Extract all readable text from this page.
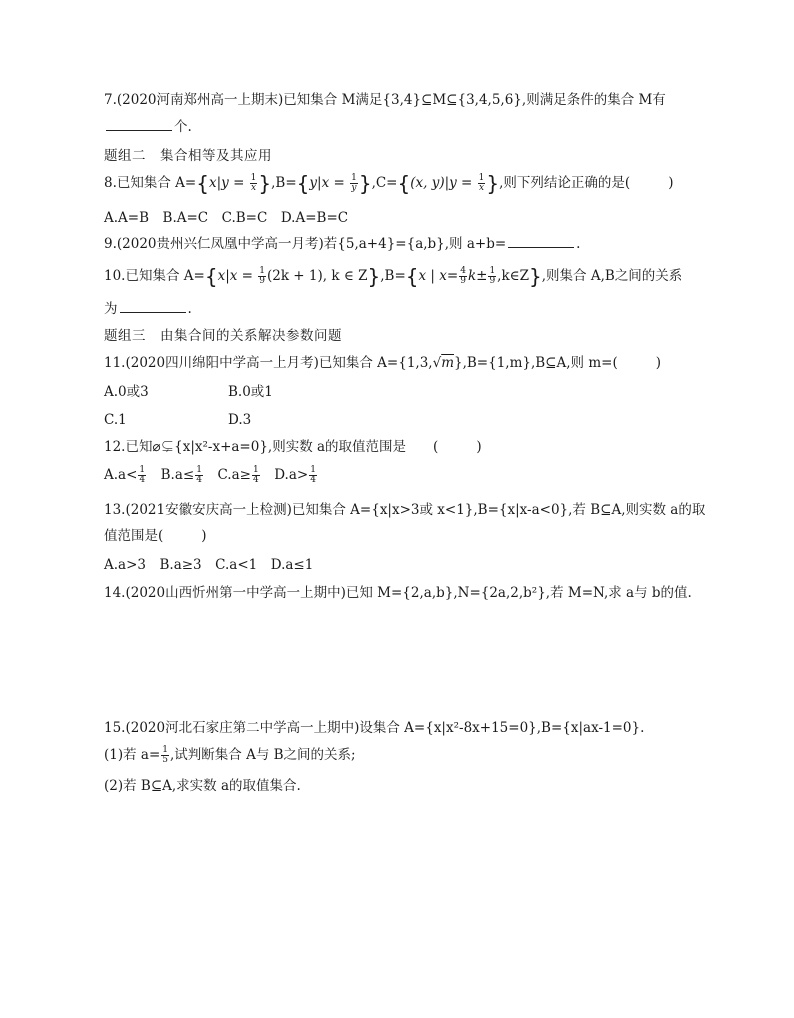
7.(2020河南郑州高一上期末)已知集合 M满足{3,4}⊆M⊆{3,4,5,6},则满足条件的集合 M有
个.
题组二　集合相等及其应用
8.已知集合 $A=\{x|y = \frac{1}{x} \},B=\{y|x = \frac{1}{y} \},C=\{(x$, $y)|y = \frac{1}{x}$ },则下列结论正确的是(	)
A.A=B　B.A=C　C.B=C　D.A=B=C
9.(2020贵州兴仁凤凰中学高一月考)若{5,a+4}={a,b},则 a+b=	.
10.已知集合 $A=\{x|x = \frac{1}{9} (2k + 1)$, k ∈ Z},B={x | $x= \frac{4}{9} k\pm \frac{1}{9}$ ,k∈Z},则集合 A,B之间的关系
为	.
题组三　由集合间的关系解决参数问题
11.(2020四川绵阳中学高一上月考)已知集合 A={1,3,√m},B={1,m},B⊆A,则 m=(	)
A.0或3	B.0或1
C.1	D.3
12.已知⌀⊊{x|x²-x+a=0},则实数 a的取值范围是　　 (	)
$A.a< \frac{1}{4}$
　 $B.a\le \frac{1}{4}$
　 $C.a\ge \frac{1}{4}$
　 $D.a> \frac{1}{4}$
13.(2021安徽安庆高一上检测)已知集合 A={x|x>3或 x<1},B={x|x-a<0},若 B⊆A,则实数 a的取
值范围是(	)
A.a>3　B.a≥3　C.a<1　D.a≤1
14.(2020山西忻州第一中学高一上期中)已知 M={2,a,b},N={2a,2,b²},若 M=N,求 a与 b的值.
15.(2020河北石家庄第二中学高一上期中)设集合 A={x|x²-8x+15=0},B={x|ax-1=0}.
(1)若 $a= \frac{1}{5}$ ,试判断集合 A与 B之间的关系;
(2)若 B⊆A,求实数 a的取值集合.
